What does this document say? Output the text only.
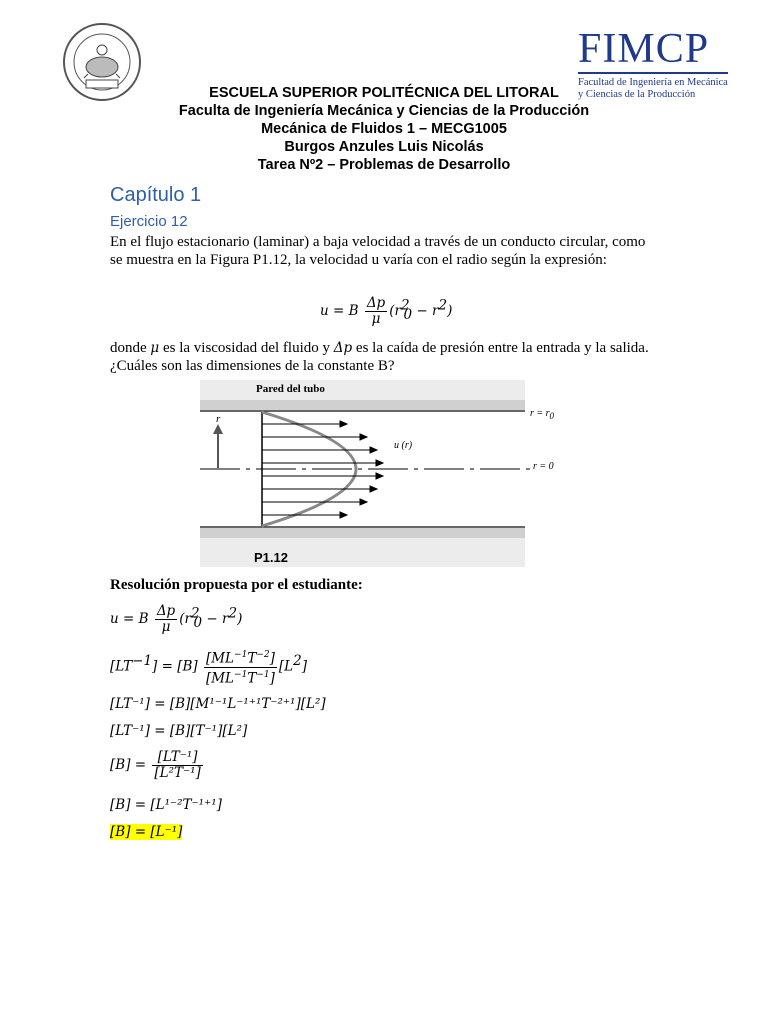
FIMCP
Facultad de Ingeniería en Mecánica
y Ciencias de la Producción
ESCUELA SUPERIOR POLITÉCNICA DEL LITORAL
Faculta de Ingeniería Mecánica y Ciencias de la Producción
Mecánica de Fluidos 1 – MECG1005
Burgos Anzules Luis Nicolás
Tarea Nº2 – Problemas de Desarrollo
Capítulo 1
Ejercicio 12
En el flujo estacionario (laminar) a baja velocidad a través de un conducto circular, como se muestra en la Figura P1.12, la velocidad u varía con el radio según la expresión:
u = B $\frac{\Delta p}{\mu} (r^2_0 - r^2)$
donde μ es la viscosidad del fluido y Δp es la caída de presión entre la entrada y la salida. ¿Cuáles son las dimensiones de la constante B?
Pared del tubo
r
u (r)
$r = r_0$
r = 0
P1.12
Resolución propuesta por el estudiante:
u = B $\frac{\Delta p}{\mu} (r^2_0 - r^2)$
$[LT^{-1}] = [B] \frac{[ML^{-1}T^{-2}]}{[ML^{-1}T^{-1}]} [L^2]$
[LT⁻¹] = [B][M¹⁻¹L⁻¹⁺¹T⁻²⁺¹][L²]
[LT⁻¹] = [B][T⁻¹][L²]
$[B] = \frac{\text{[LT⁻¹]}}{\text{[L²T⁻¹]}}$
[B] = [L¹⁻²T⁻¹⁺¹]
[B] = [L⁻¹]
